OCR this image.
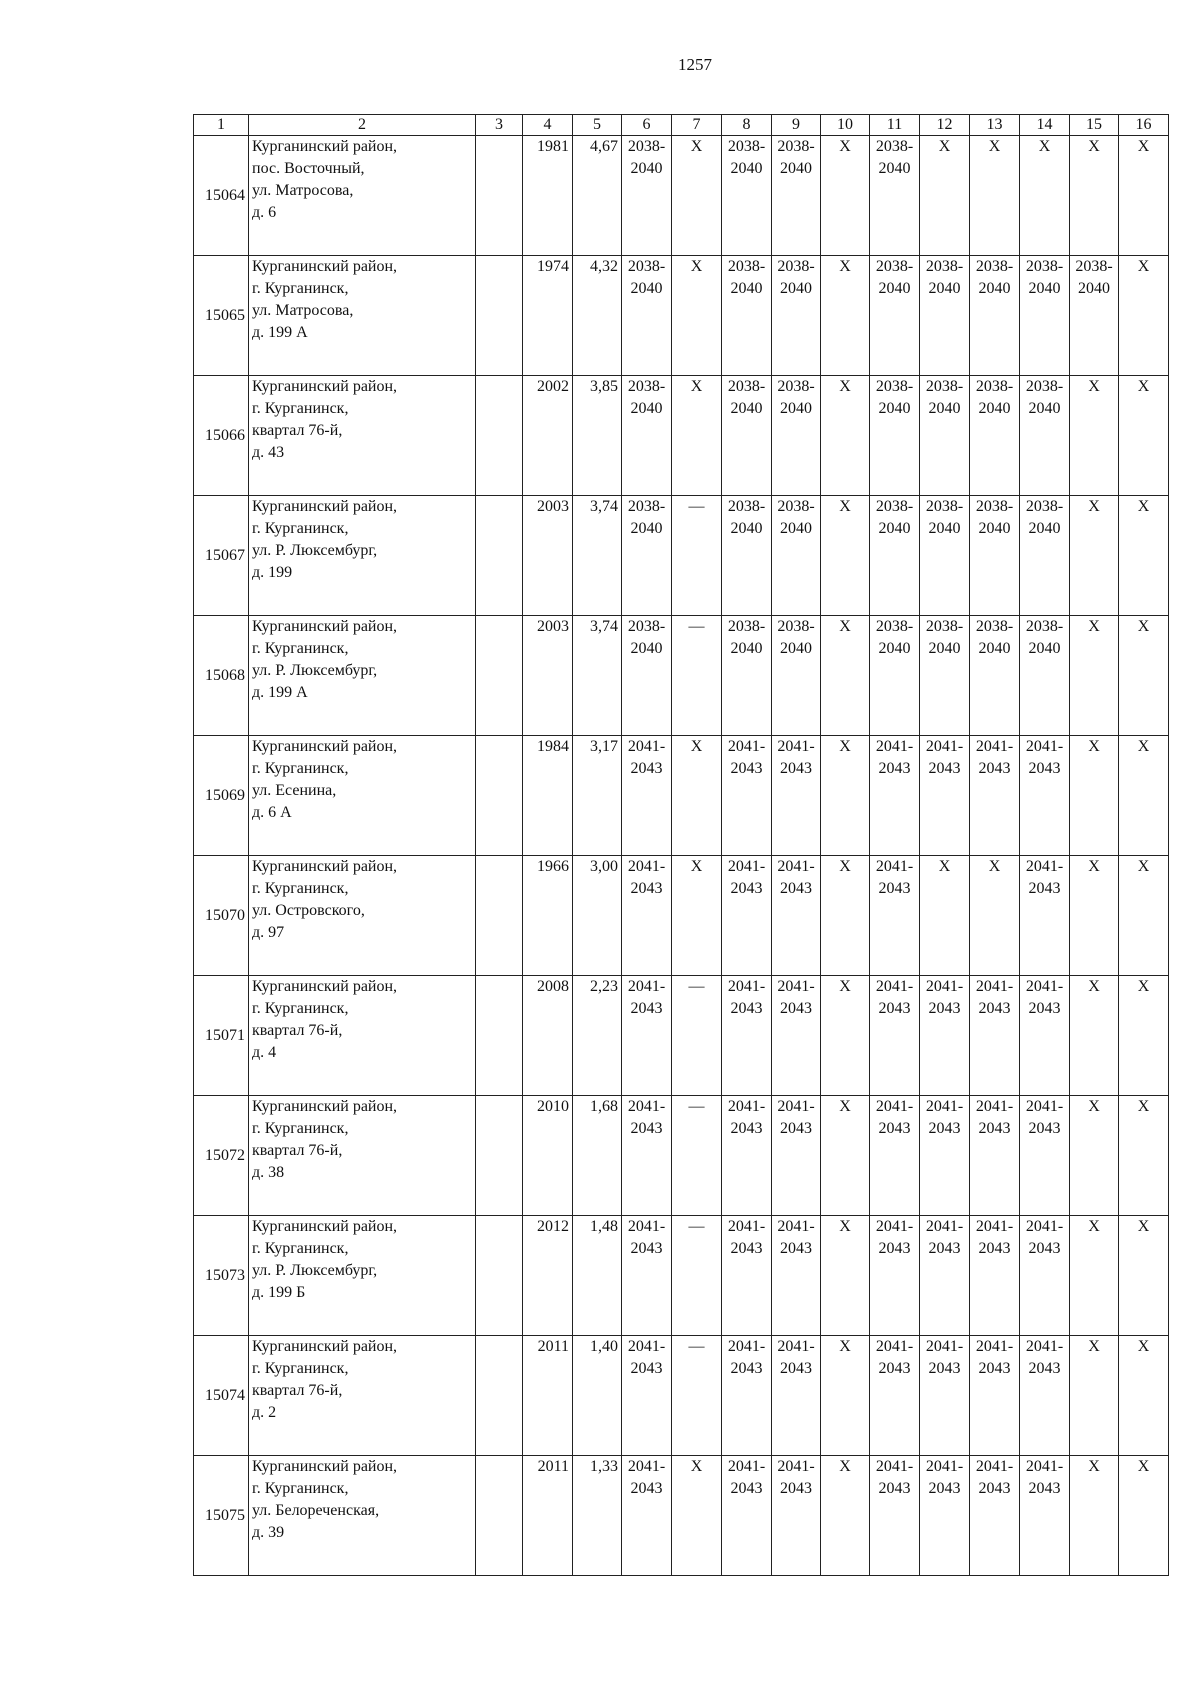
1257
1	2	3	4	5	6	7	8	9	10	11	12	13	14	15	16
15064	Курганинский район,
пос. Восточный,
ул. Матросова,
д. 6		1981	4,67	2038-
2040	Х	2038-
2040	2038-
2040	Х	2038-
2040	Х	Х	Х	Х	Х
15065	Курганинский район,
г. Курганинск,
ул. Матросова,
д. 199 А		1974	4,32	2038-
2040	Х	2038-
2040	2038-
2040	Х	2038-
2040	2038-
2040	2038-
2040	2038-
2040	2038-
2040	Х
15066	Курганинский район,
г. Курганинск,
квартал 76-й,
д. 43		2002	3,85	2038-
2040	Х	2038-
2040	2038-
2040	Х	2038-
2040	2038-
2040	2038-
2040	2038-
2040	Х	Х
15067	Курганинский район,
г. Курганинск,
ул. Р. Люксембург,
д. 199		2003	3,74	2038-
2040	—	2038-
2040	2038-
2040	Х	2038-
2040	2038-
2040	2038-
2040	2038-
2040	Х	Х
15068	Курганинский район,
г. Курганинск,
ул. Р. Люксембург,
д. 199 А		2003	3,74	2038-
2040	—	2038-
2040	2038-
2040	Х	2038-
2040	2038-
2040	2038-
2040	2038-
2040	Х	Х
15069	Курганинский район,
г. Курганинск,
ул. Есенина,
д. 6 А		1984	3,17	2041-
2043	Х	2041-
2043	2041-
2043	Х	2041-
2043	2041-
2043	2041-
2043	2041-
2043	Х	Х
15070	Курганинский район,
г. Курганинск,
ул. Островского,
д. 97		1966	3,00	2041-
2043	Х	2041-
2043	2041-
2043	Х	2041-
2043	Х	Х	2041-
2043	Х	Х
15071	Курганинский район,
г. Курганинск,
квартал 76-й,
д. 4		2008	2,23	2041-
2043	—	2041-
2043	2041-
2043	Х	2041-
2043	2041-
2043	2041-
2043	2041-
2043	Х	Х
15072	Курганинский район,
г. Курганинск,
квартал 76-й,
д. 38		2010	1,68	2041-
2043	—	2041-
2043	2041-
2043	Х	2041-
2043	2041-
2043	2041-
2043	2041-
2043	Х	Х
15073	Курганинский район,
г. Курганинск,
ул. Р. Люксембург,
д. 199 Б		2012	1,48	2041-
2043	—	2041-
2043	2041-
2043	Х	2041-
2043	2041-
2043	2041-
2043	2041-
2043	Х	Х
15074	Курганинский район,
г. Курганинск,
квартал 76-й,
д. 2		2011	1,40	2041-
2043	—	2041-
2043	2041-
2043	Х	2041-
2043	2041-
2043	2041-
2043	2041-
2043	Х	Х
15075	Курганинский район,
г. Курганинск,
ул. Белореченская,
д. 39		2011	1,33	2041-
2043	Х	2041-
2043	2041-
2043	Х	2041-
2043	2041-
2043	2041-
2043	2041-
2043	Х	Х
